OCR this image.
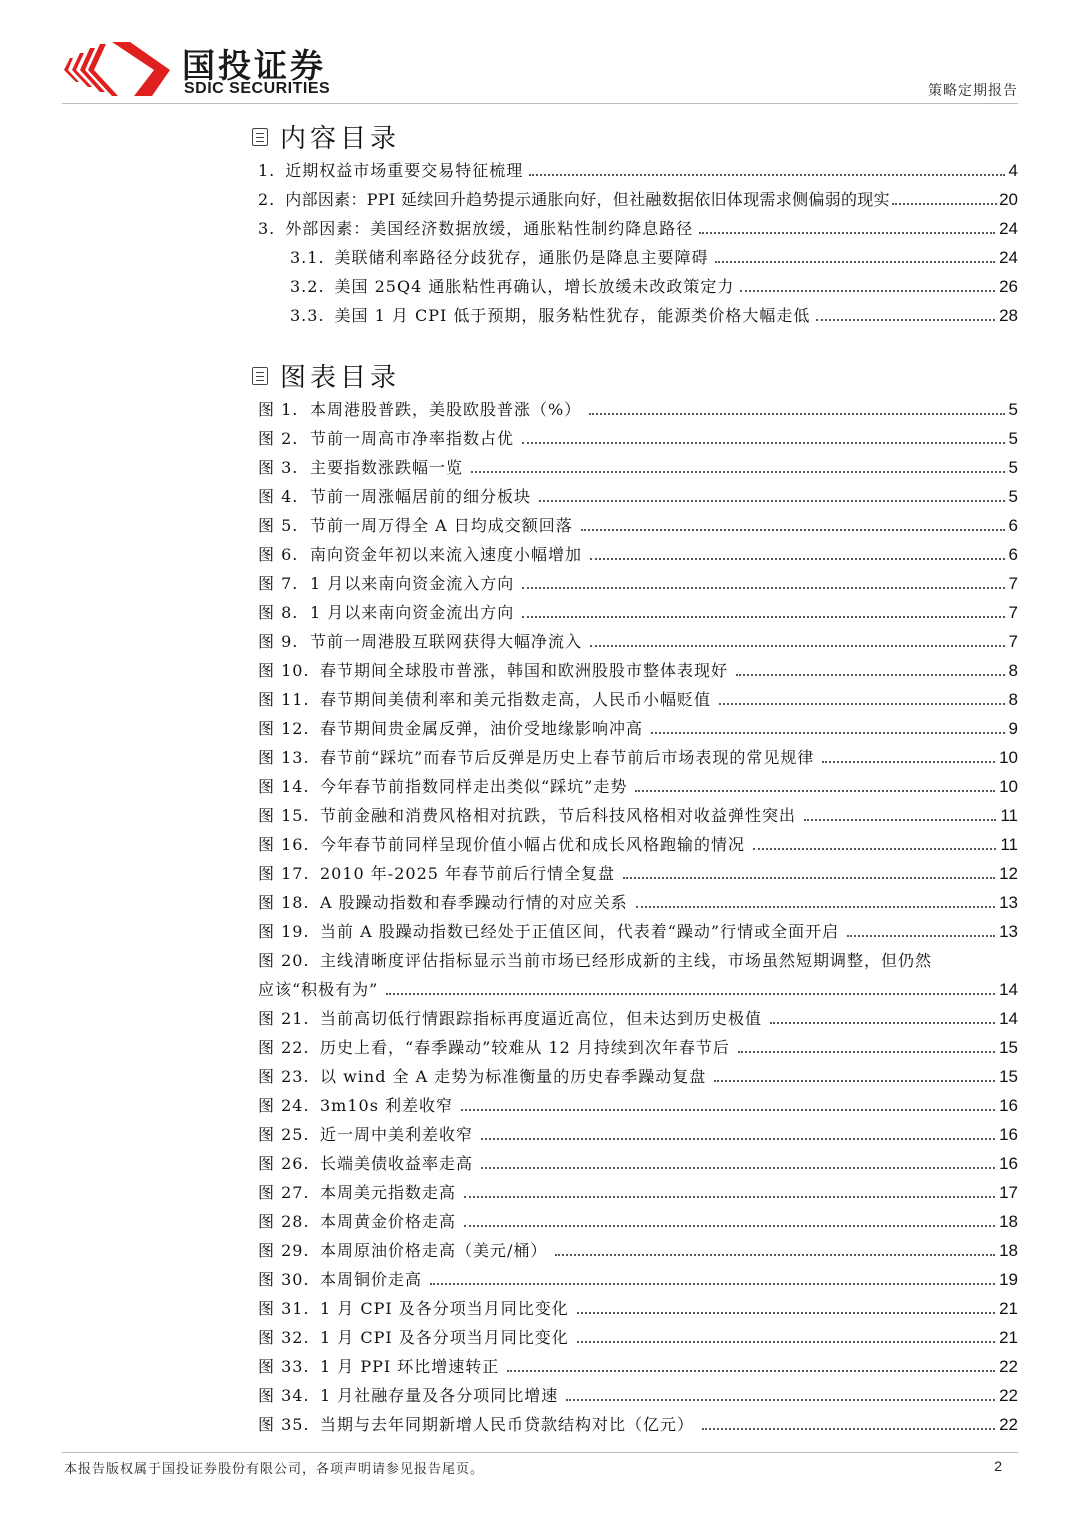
国投证券
SDIC SECURITIES	策略定期报告
内容目录
1. 近期权益市场重要交易特征梳理	4
2. 内部因素：PPI 延续回升趋势提示通胀向好，但社融数据依旧体现需求侧偏弱的现实	20
3. 外部因素：美国经济数据放缓，通胀粘性制约降息路径	24
3.1. 美联储利率路径分歧犹存，通胀仍是降息主要障碍	24
3.2. 美国 25Q4 通胀粘性再确认，增长放缓未改政策定力	26
3.3. 美国 1 月 CPI 低于预期，服务粘性犹存，能源类价格大幅走低	28
图表目录
图 1. 本周港股普跌，美股欧股普涨（%）	5
图 2. 节前一周高市净率指数占优	5
图 3. 主要指数涨跌幅一览	5
图 4. 节前一周涨幅居前的细分板块	5
图 5. 节前一周万得全 A 日均成交额回落	6
图 6. 南向资金年初以来流入速度小幅增加	6
图 7. 1 月以来南向资金流入方向	7
图 8. 1 月以来南向资金流出方向	7
图 9. 节前一周港股互联网获得大幅净流入	7
图 10. 春节期间全球股市普涨，韩国和欧洲股股市整体表现好	8
图 11. 春节期间美债利率和美元指数走高，人民币小幅贬值	8
图 12. 春节期间贵金属反弹，油价受地缘影响冲高	9
图 13. 春节前“踩坑”而春节后反弹是历史上春节前后市场表现的常见规律	10
图 14. 今年春节前指数同样走出类似“踩坑”走势	10
图 15. 节前金融和消费风格相对抗跌，节后科技风格相对收益弹性突出	11
图 16. 今年春节前同样呈现价值小幅占优和成长风格跑输的情况	11
图 17. 2010 年-2025 年春节前后行情全复盘	12
图 18. A 股躁动指数和春季躁动行情的对应关系	13
图 19. 当前 A 股躁动指数已经处于正值区间，代表着“躁动”行情或全面开启	13
图 20. 主线清晰度评估指标显示当前市场已经形成新的主线，市场虽然短期调整，但仍然
应该“积极有为”	14
图 21. 当前高切低行情跟踪指标再度逼近高位，但未达到历史极值	14
图 22. 历史上看，“春季躁动”较难从 12 月持续到次年春节后	15
图 23. 以 wind 全 A 走势为标准衡量的历史春季躁动复盘	15
图 24. 3m10s 利差收窄	16
图 25. 近一周中美利差收窄	16
图 26. 长端美债收益率走高	16
图 27. 本周美元指数走高	17
图 28. 本周黄金价格走高	18
图 29. 本周原油价格走高（美元/桶）	18
图 30. 本周铜价走高	19
图 31. 1 月 CPI 及各分项当月同比变化	21
图 32. 1 月 CPI 及各分项当月同比变化	21
图 33. 1 月 PPI 环比增速转正	22
图 34. 1 月社融存量及各分项同比增速	22
图 35. 当期与去年同期新增人民币贷款结构对比（亿元）	22
本报告版权属于国投证券股份有限公司，各项声明请参见报告尾页。	2
